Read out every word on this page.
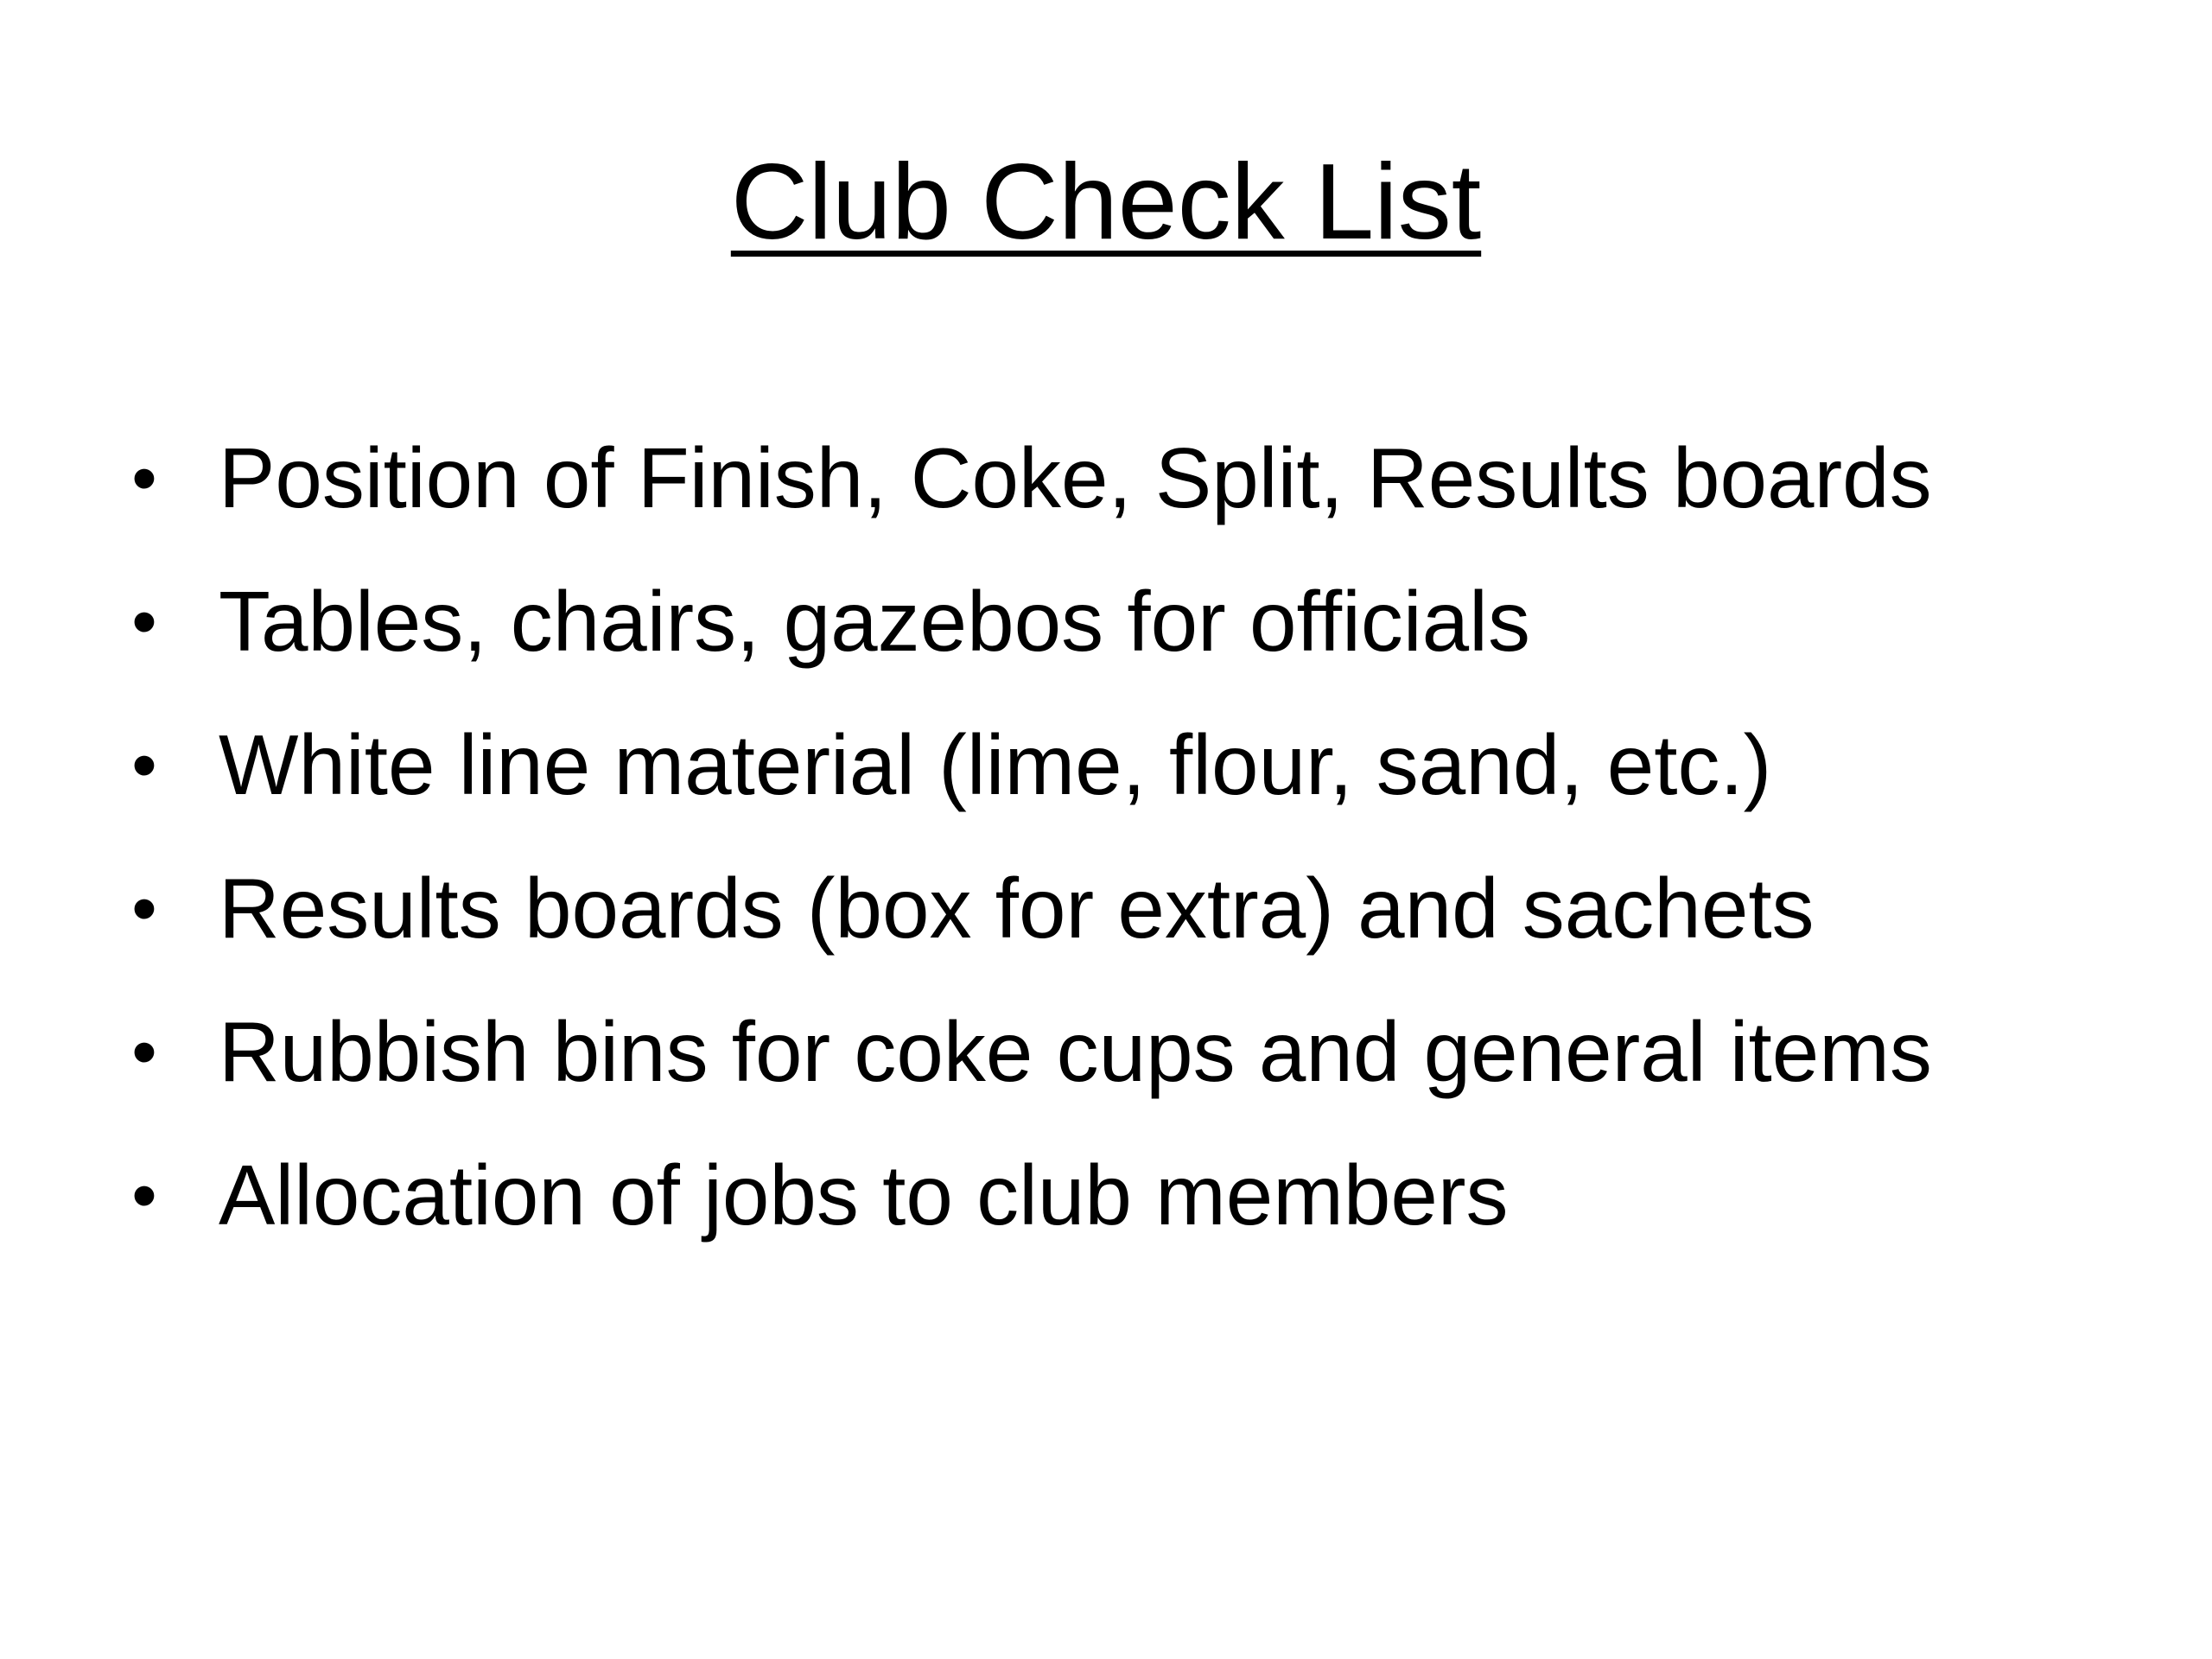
Club Check List
• Position of Finish, Coke, Split, Results boards
• Tables, chairs, gazebos for officials
• White line material (lime, flour, sand, etc.)
• Results boards (box for extra) and sachets
• Rubbish bins for coke cups and general items
• Allocation of jobs to club members
